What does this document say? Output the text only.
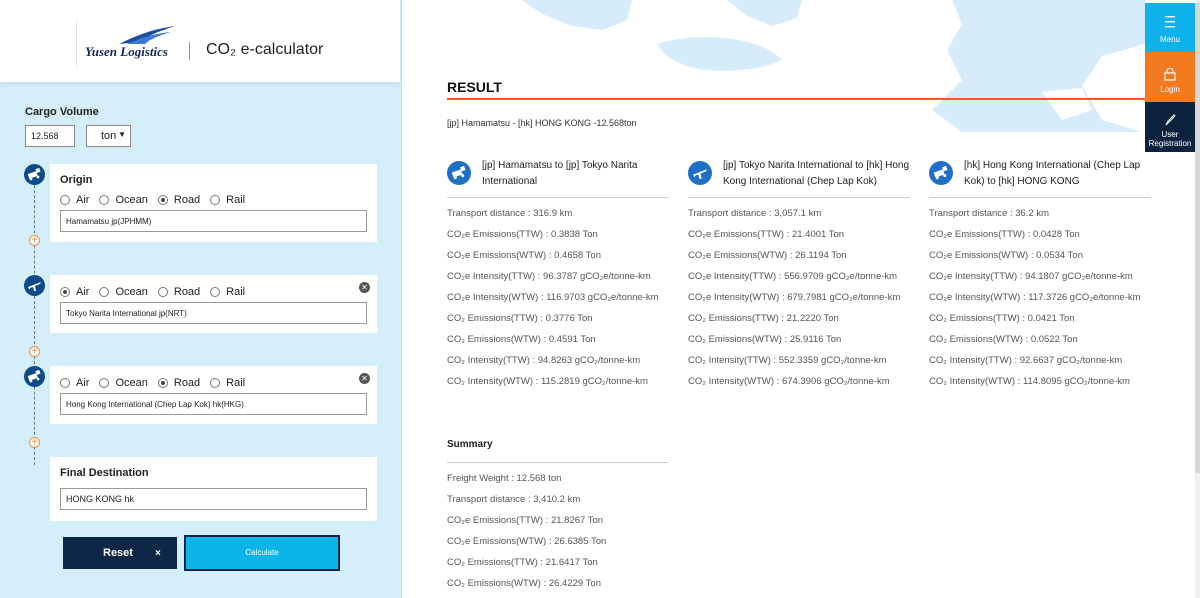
Yusen Logistics CO₂ e-calculator
Cargo Volume
12.568	ton ▼
+
+
+
Origin
Air Ocean Road Rail
Hamamatsu jp(JPHMM)
✕
Air Ocean Road Rail
Tokyo Narita International jp(NRT)
✕
Air Ocean Road Rail
Hong Kong International (Chep Lap Kok) hk(HKG)
Final Destination
HONG KONG hk
Reset ×	Calculate
RESULT
[jp] Hamamatsu - [hk] HONG KONG -12.568ton
[jp] Hamamatsu to [jp] Tokyo Narita International
Transport distance : 316.9 km
CO₂e Emissions(TTW) : 0.3838 Ton
CO₂e Emissions(WTW) : 0.4658 Ton
CO₂e Intensity(TTW) : 96.3787 gCO₂e/tonne-km
CO₂e Intensity(WTW) : 116.9703 gCO₂e/tonne-km
CO₂ Emissions(TTW) : 0.3776 Ton
CO₂ Emissions(WTW) : 0.4591 Ton
CO₂ Intensity(TTW) : 94.8263 gCO₂/tonne-km
CO₂ Intensity(WTW) : 115.2819 gCO₂/tonne-km
[jp] Tokyo Narita International to [hk] Hong Kong International (Chep Lap Kok)
Transport distance : 3,057.1 km
CO₂e Emissions(TTW) : 21.4001 Ton
CO₂e Emissions(WTW) : 26.1194 Ton
CO₂e Intensity(TTW) : 556.9709 gCO₂e/tonne-km
CO₂e Intensity(WTW) : 679.7981 gCO₂e/tonne-km
CO₂ Emissions(TTW) : 21.2220 Ton
CO₂ Emissions(WTW) : 25.9116 Ton
CO₂ Intensity(TTW) : 552.3359 gCO₂/tonne-km
CO₂ Intensity(WTW) : 674.3906 gCO₂/tonne-km
[hk] Hong Kong International (Chep Lap Kok) to [hk] HONG KONG
Transport distance : 36.2 km
CO₂e Emissions(TTW) : 0.0428 Ton
CO₂e Emissions(WTW) : 0.0534 Ton
CO₂e Intensity(TTW) : 94.1807 gCO₂e/tonne-km
CO₂e Intensity(WTW) : 117.3726 gCO₂e/tonne-km
CO₂ Emissions(TTW) : 0.0421 Ton
CO₂ Emissions(WTW) : 0.0522 Ton
CO₂ Intensity(TTW) : 92.6637 gCO₂/tonne-km
CO₂ Intensity(WTW) : 114.8095 gCO₂/tonne-km
Summary
Freight Weight : 12.568 ton
Transport distance : 3,410.2 km
CO₂e Emissions(TTW) : 21.8267 Ton
CO₂e Emissions(WTW) : 26.6385 Ton
CO₂ Emissions(TTW) : 21.6417 Ton
CO₂ Emissions(WTW) : 26.4229 Ton
Menu
Login
User
Registration
